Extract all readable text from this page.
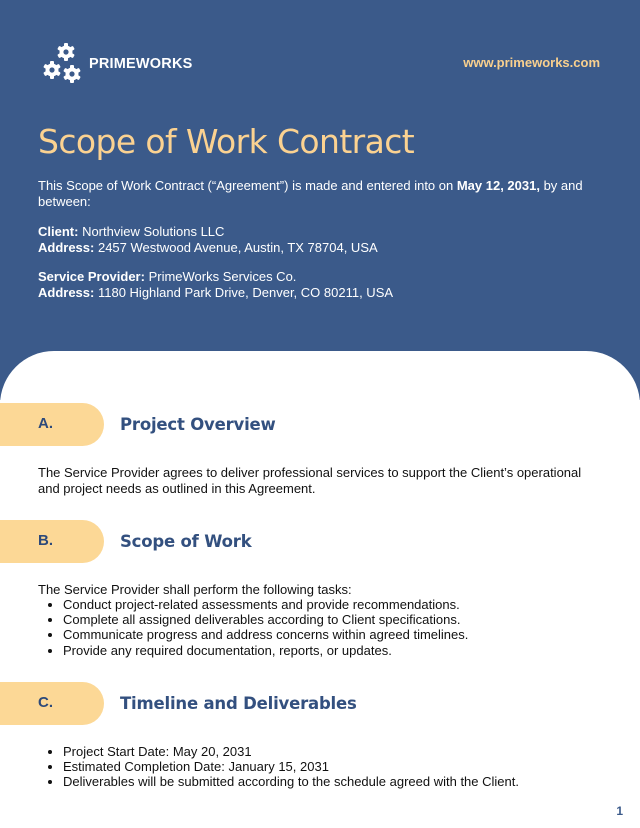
PRIMEWORKS	www.primeworks.com
Scope of Work Contract
This Scope of Work Contract (“Agreement”) is made and entered into on May 12, 2031, by and between:
Client: Northview Solutions LLC
Address: 2457 Westwood Avenue, Austin, TX 78704, USA
Service Provider: PrimeWorks Services Co.
Address: 1180 Highland Park Drive, Denver, CO 80211, USA
A.	Project Overview
The Service Provider agrees to deliver professional services to support the Client’s operational and project needs as outlined in this Agreement.
B.	Scope of Work
The Service Provider shall perform the following tasks:
• Conduct project-related assessments and provide recommendations.
• Complete all assigned deliverables according to Client specifications.
• Communicate progress and address concerns within agreed timelines.
• Provide any required documentation, reports, or updates.
C.	Timeline and Deliverables
• Project Start Date: May 20, 2031
• Estimated Completion Date: January 15, 2031
• Deliverables will be submitted according to the schedule agreed with the Client.
1
